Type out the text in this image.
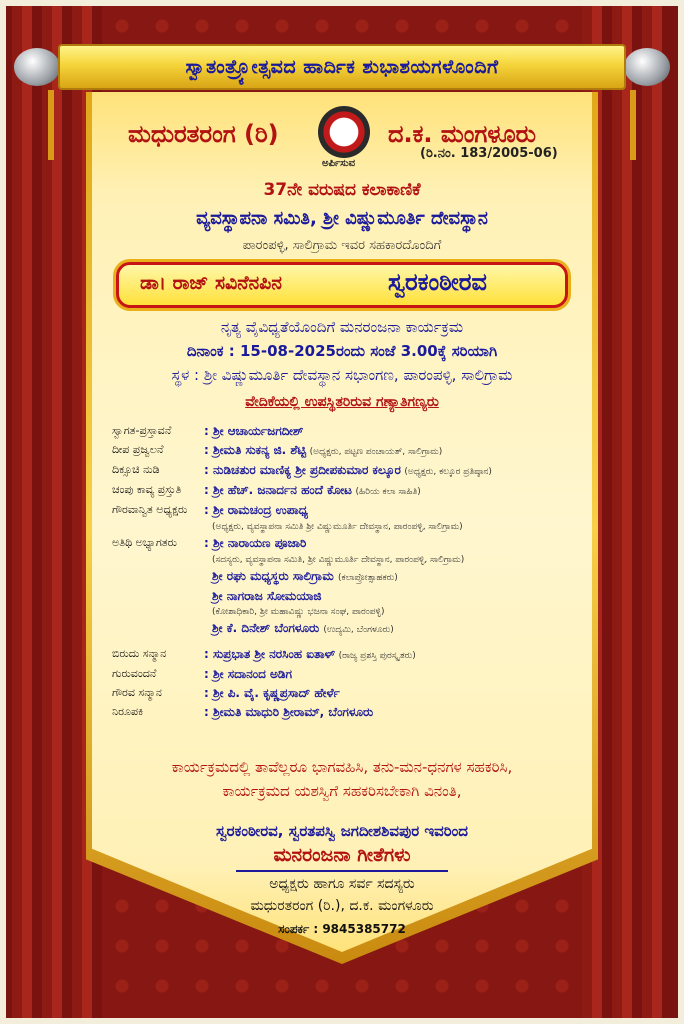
ಸ್ವಾತಂತ್ರ್ಯೋತ್ಸವದ ಹಾರ್ದಿಕ ಶುಭಾಶಯಗಳೊಂದಿಗೆ
ಮಧುರತರಂಗ (ರಿ)	ದ.ಕ. ಮಂಗಳೂರು
ಅರ್ಪಿಸುವ
(ರಿ.ನಂ. 183/2005-06)
37ನೇ ವರುಷದ ಕಲಾಕಾಣಿಕೆ
ವ್ಯವಸ್ಥಾಪನಾ ಸಮಿತಿ, ಶ್ರೀ ವಿಷ್ಣುಮೂರ್ತಿ ದೇವಸ್ಥಾನ
ಪಾರಂಪಳ್ಳಿ, ಸಾಲಿಗ್ರಾಮ ಇವರ ಸಹಕಾರದೊಂದಿಗೆ
ಡಾ। ರಾಜ್ ಸವಿನೆನಪಿನ	ಸ್ವರಕಂಠೀರವ
ನೃತ್ಯ ವೈವಿಧ್ಯತೆಯೊಂದಿಗೆ ಮನರಂಜನಾ ಕಾರ್ಯಕ್ರಮ
ದಿನಾಂಕ : 15-08-2025ರಂದು ಸಂಜೆ 3.00ಕ್ಕೆ ಸರಿಯಾಗಿ
ಸ್ಥಳ : ಶ್ರೀ ವಿಷ್ಣುಮೂರ್ತಿ ದೇವಸ್ಥಾನ ಸಭಾಂಗಣ, ಪಾರಂಪಳ್ಳಿ, ಸಾಲಿಗ್ರಾಮ
ವೇದಿಕೆಯಲ್ಲಿ ಉಪಸ್ಥಿತರಿರುವ ಗಣ್ಯಾತಿಗಣ್ಯರು
ಸ್ವಾಗತ-ಪ್ರಸ್ತಾವನೆ	: ಶ್ರೀ ಆಚಾರ್ಯಜಗದೀಶ್
ದೀಪ ಪ್ರಜ್ವಲನೆ	: ಶ್ರೀಮತಿ ಸುಕನ್ಯ ಜಿ. ಶೆಟ್ಟಿ (ಅಧ್ಯಕ್ಷರು, ಪಟ್ಟಣ ಪಂಚಾಯತ್, ಸಾಲಿಗ್ರಾಮ)
ದಿಕ್ಸೂಚಿ ನುಡಿ	: ನುಡಿಚತುರ ಮಾಣಿಕ್ಯ ಶ್ರೀ ಪ್ರದೀಪಕುಮಾರ ಕಲ್ಕೂರ (ಅಧ್ಯಕ್ಷರು, ಕಲ್ಕೂರ ಪ್ರತಿಷ್ಠಾನ)
ಚಂಪು ಕಾವ್ಯ ಪ್ರಸ್ತುತಿ	: ಶ್ರೀ ಹೆಚ್. ಜನಾರ್ದನ ಹಂದೆ ಕೋಟ (ಹಿರಿಯ ಕಲಾ ಸಾಹಿತಿ)
ಗೌರವಾನ್ವಿತ ಅಧ್ಯಕ್ಷರು	: ಶ್ರೀ ರಾಮಚಂದ್ರ ಉಪಾಧ್ಯ
(ಅಧ್ಯಕ್ಷರು, ವ್ಯವಸ್ಥಾಪನಾ ಸಮಿತಿ ಶ್ರೀ ವಿಷ್ಣುಮೂರ್ತಿ ದೇವಸ್ಥಾನ, ಪಾರಂಪಳ್ಳಿ, ಸಾಲಿಗ್ರಾಮ)
ಅತಿಥಿ ಅಭ್ಯಾಗತರು	: ಶ್ರೀ ನಾರಾಯಣ ಪೂಜಾರಿ
(ಸದಸ್ಯರು, ವ್ಯವಸ್ಥಾಪನಾ ಸಮಿತಿ, ಶ್ರೀ ವಿಷ್ಣುಮೂರ್ತಿ ದೇವಸ್ಥಾನ, ಪಾರಂಪಳ್ಳಿ, ಸಾಲಿಗ್ರಾಮ)
ಶ್ರೀ ರಘು ಮಧ್ಯಸ್ಥರು ಸಾಲಿಗ್ರಾಮ (ಕಲಾಪ್ರೋತ್ಸಾಹಕರು)
ಶ್ರೀ ನಾಗರಾಜ ಸೋಮಯಾಜಿ
(ಕೋಶಾಧಿಕಾರಿ, ಶ್ರೀ ಮಹಾವಿಷ್ಣು ಭಜನಾ ಸಂಘ, ಪಾರಂಪಳ್ಳಿ)
ಶ್ರೀ ಕೆ. ದಿನೇಶ್ ಬೆಂಗಳೂರು (ಉದ್ಯಮಿ, ಬೆಂಗಳೂರು)
ಬಿರುದು ಸನ್ಮಾನ	: ಸುಪ್ರಭಾತ ಶ್ರೀ ನರಸಿಂಹ ಐತಾಳ್ (ರಾಜ್ಯ ಪ್ರಶಸ್ತಿ ಪುರಸ್ಕೃತರು)
ಗುರುವಂದನೆ	: ಶ್ರೀ ಸದಾನಂದ ಅಡಿಗ
ಗೌರವ ಸನ್ಮಾನ	: ಶ್ರೀ ಪಿ. ವೈ. ಕೃಷ್ಣಪ್ರಸಾದ್ ಹೇರ್ಳೆ
ನಿರೂಪಕಿ	: ಶ್ರೀಮತಿ ಮಾಧುರಿ ಶ್ರೀರಾಮ್, ಬೆಂಗಳೂರು
ಕಾರ್ಯಕ್ರಮದಲ್ಲಿ ತಾವೆಲ್ಲರೂ ಭಾಗವಹಿಸಿ, ತನು-ಮನ-ಧನಗಳ ಸಹಕರಿಸಿ,
ಕಾರ್ಯಕ್ರಮದ ಯಶಸ್ವಿಗೆ ಸಹಕರಿಸಬೇಕಾಗಿ ವಿನಂತಿ,
ಸ್ವರಕಂಠೀರವ, ಸ್ವರತಪಸ್ವಿ ಜಗದೀಶಶಿವಪುರ ಇವರಿಂದ
ಮನರಂಜನಾ ಗೀತೆಗಳು
ಅಧ್ಯಕ್ಷರು ಹಾಗೂ ಸರ್ವ ಸದಸ್ಯರು
ಮಧುರತರಂಗ (ರಿ.), ದ.ಕ. ಮಂಗಳೂರು
ಸಂಪರ್ಕ : 9845385772
